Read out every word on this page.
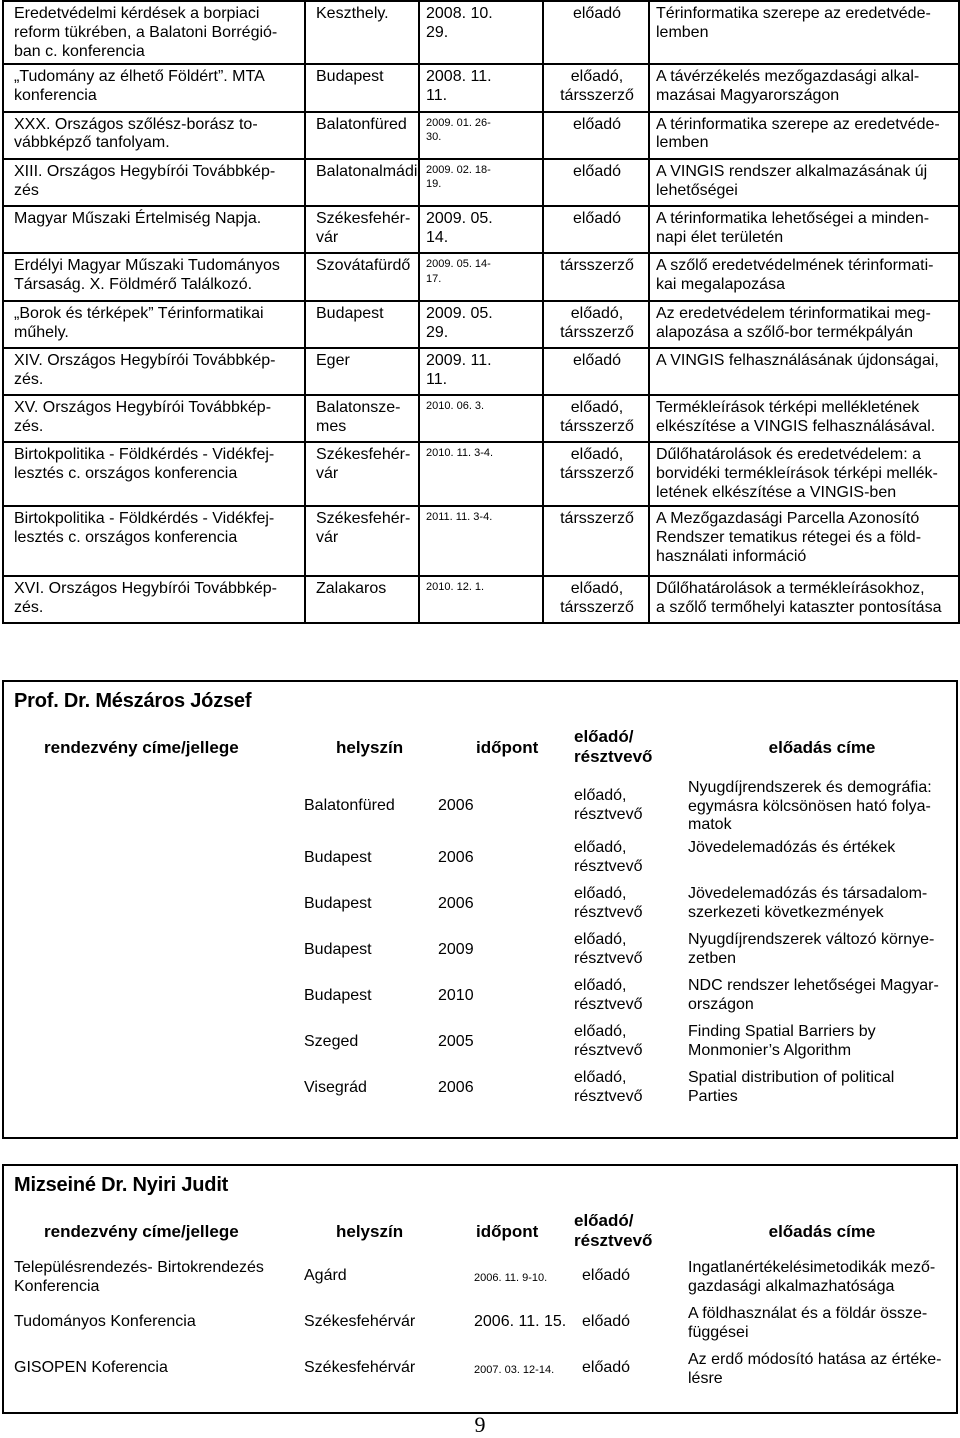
Eredetvédelmi kérdések a borpiaci
reform tükrében, a Balatoni Borrégió-
ban c. konferencia	Keszthely.	2008. 10.
29.	előadó	Térinformatika szerepe az eredetvéde-
lemben

„Tudomány az élhető Földért”. MTA
konferencia	Budapest	2008. 11.
11.	előadó,
társszerző	A távérzékelés mezőgazdasági alkal-
mazásai Magyarországon

XXX. Országos szőlész-borász to-
vábbképző tanfolyam.	Balatonfüred	2009. 01. 26-
30.	előadó	A térinformatika szerepe az eredetvéde-
lemben

XIII. Országos Hegybírói Továbbkép-
zés	Balatonalmádi	2009. 02. 18-
19.	előadó	A VINGIS rendszer alkalmazásának új
lehetőségei

Magyar Műszaki Értelmiség Napja.	Székesfehér-
vár	2009. 05.
14.	előadó	A térinformatika lehetőségei a minden-
napi élet területén

Erdélyi Magyar Műszaki Tudományos
Társaság. X. Földmérő Találkozó.	Szovátafürdő	2009. 05. 14-
17.	társszerző	A szőlő eredetvédelmének térinformati-
kai megalapozása

„Borok és térképek” Térinformatikai
műhely.	Budapest	2009. 05.
29.	előadó,
társszerző	Az eredetvédelem térinformatikai meg-
alapozása a szőlő-bor termékpályán

XIV. Országos Hegybírói Továbbkép-
zés.	Eger	2009. 11.
11.	előadó	A VINGIS felhasználásának újdonságai,

XV. Országos Hegybírói Továbbkép-
zés.	Balatonsze-
mes	2010. 06. 3.	előadó,
társszerző	Termékleírások térképi mellékletének
elkészítése a VINGIS felhasználásával.

Birtokpolitika - Földkérdés - Vidékfej-
lesztés c. országos konferencia	Székesfehér-
vár	2010. 11. 3-4.	előadó,
társszerző	Dűlőhatárolások és eredetvédelem: a
borvidéki termékleírások térképi mellék-
letének elkészítése a VINGIS-ben

Birtokpolitika - Földkérdés - Vidékfej-
lesztés c. országos konferencia	Székesfehér-
vár	2011. 11. 3-4.	társszerző	A Mezőgazdasági Parcella Azonosító
Rendszer tematikus rétegei és a föld-
használati információ

XVI. Országos Hegybírói Továbbkép-
zés.	Zalakaros	2010. 12. 1.	előadó,
társszerző	Dűlőhatárolások a termékleírásokhoz,
a szőlő termőhelyi kataszter pontosítása
Prof. Dr. Mészáros József
rendezvény címe/jellege	helyszín	időpont
előadó/
résztvevő	előadás címe
Balatonfüred	2006
előadó,
résztvevő
Nyugdíjrendszerek és demográfia:
egymásra kölcsönösen ható folya-
matok
Budapest	2006
előadó,
résztvevő
Jövedelemadózás és értékek
Budapest	2006
előadó,
résztvevő
Jövedelemadózás és társadalom-
szerkezeti következmények
Budapest	2009
előadó,
résztvevő
Nyugdíjrendszerek változó környe-
zetben
Budapest	2010
előadó,
résztvevő
NDC rendszer lehetőségei Magyar-
országon
Szeged	2005
előadó,
résztvevő
Finding Spatial Barriers by
Monmonier’s Algorithm
Visegrád	2006
előadó,
résztvevő
Spatial distribution of political
Parties
Mizseiné Dr. Nyiri Judit
rendezvény címe/jellege	helyszín	időpont
előadó/
résztvevő	előadás címe
Településrendezés- Birtokrendezés
Konferencia
Agárd	2006. 11. 9-10.	előadó	Ingatlanértékelésimetodikák mező-
gazdasági alkalmazhatósága
Tudományos Konferencia	Székesfehérvár	2006. 11. 15. előadó	A földhasználat és a földár össze-
függései
GISOPEN Koferencia	Székesfehérvár	2007. 03. 12-14.	előadó	Az erdő módosító hatása az értéke-
lésre
9
